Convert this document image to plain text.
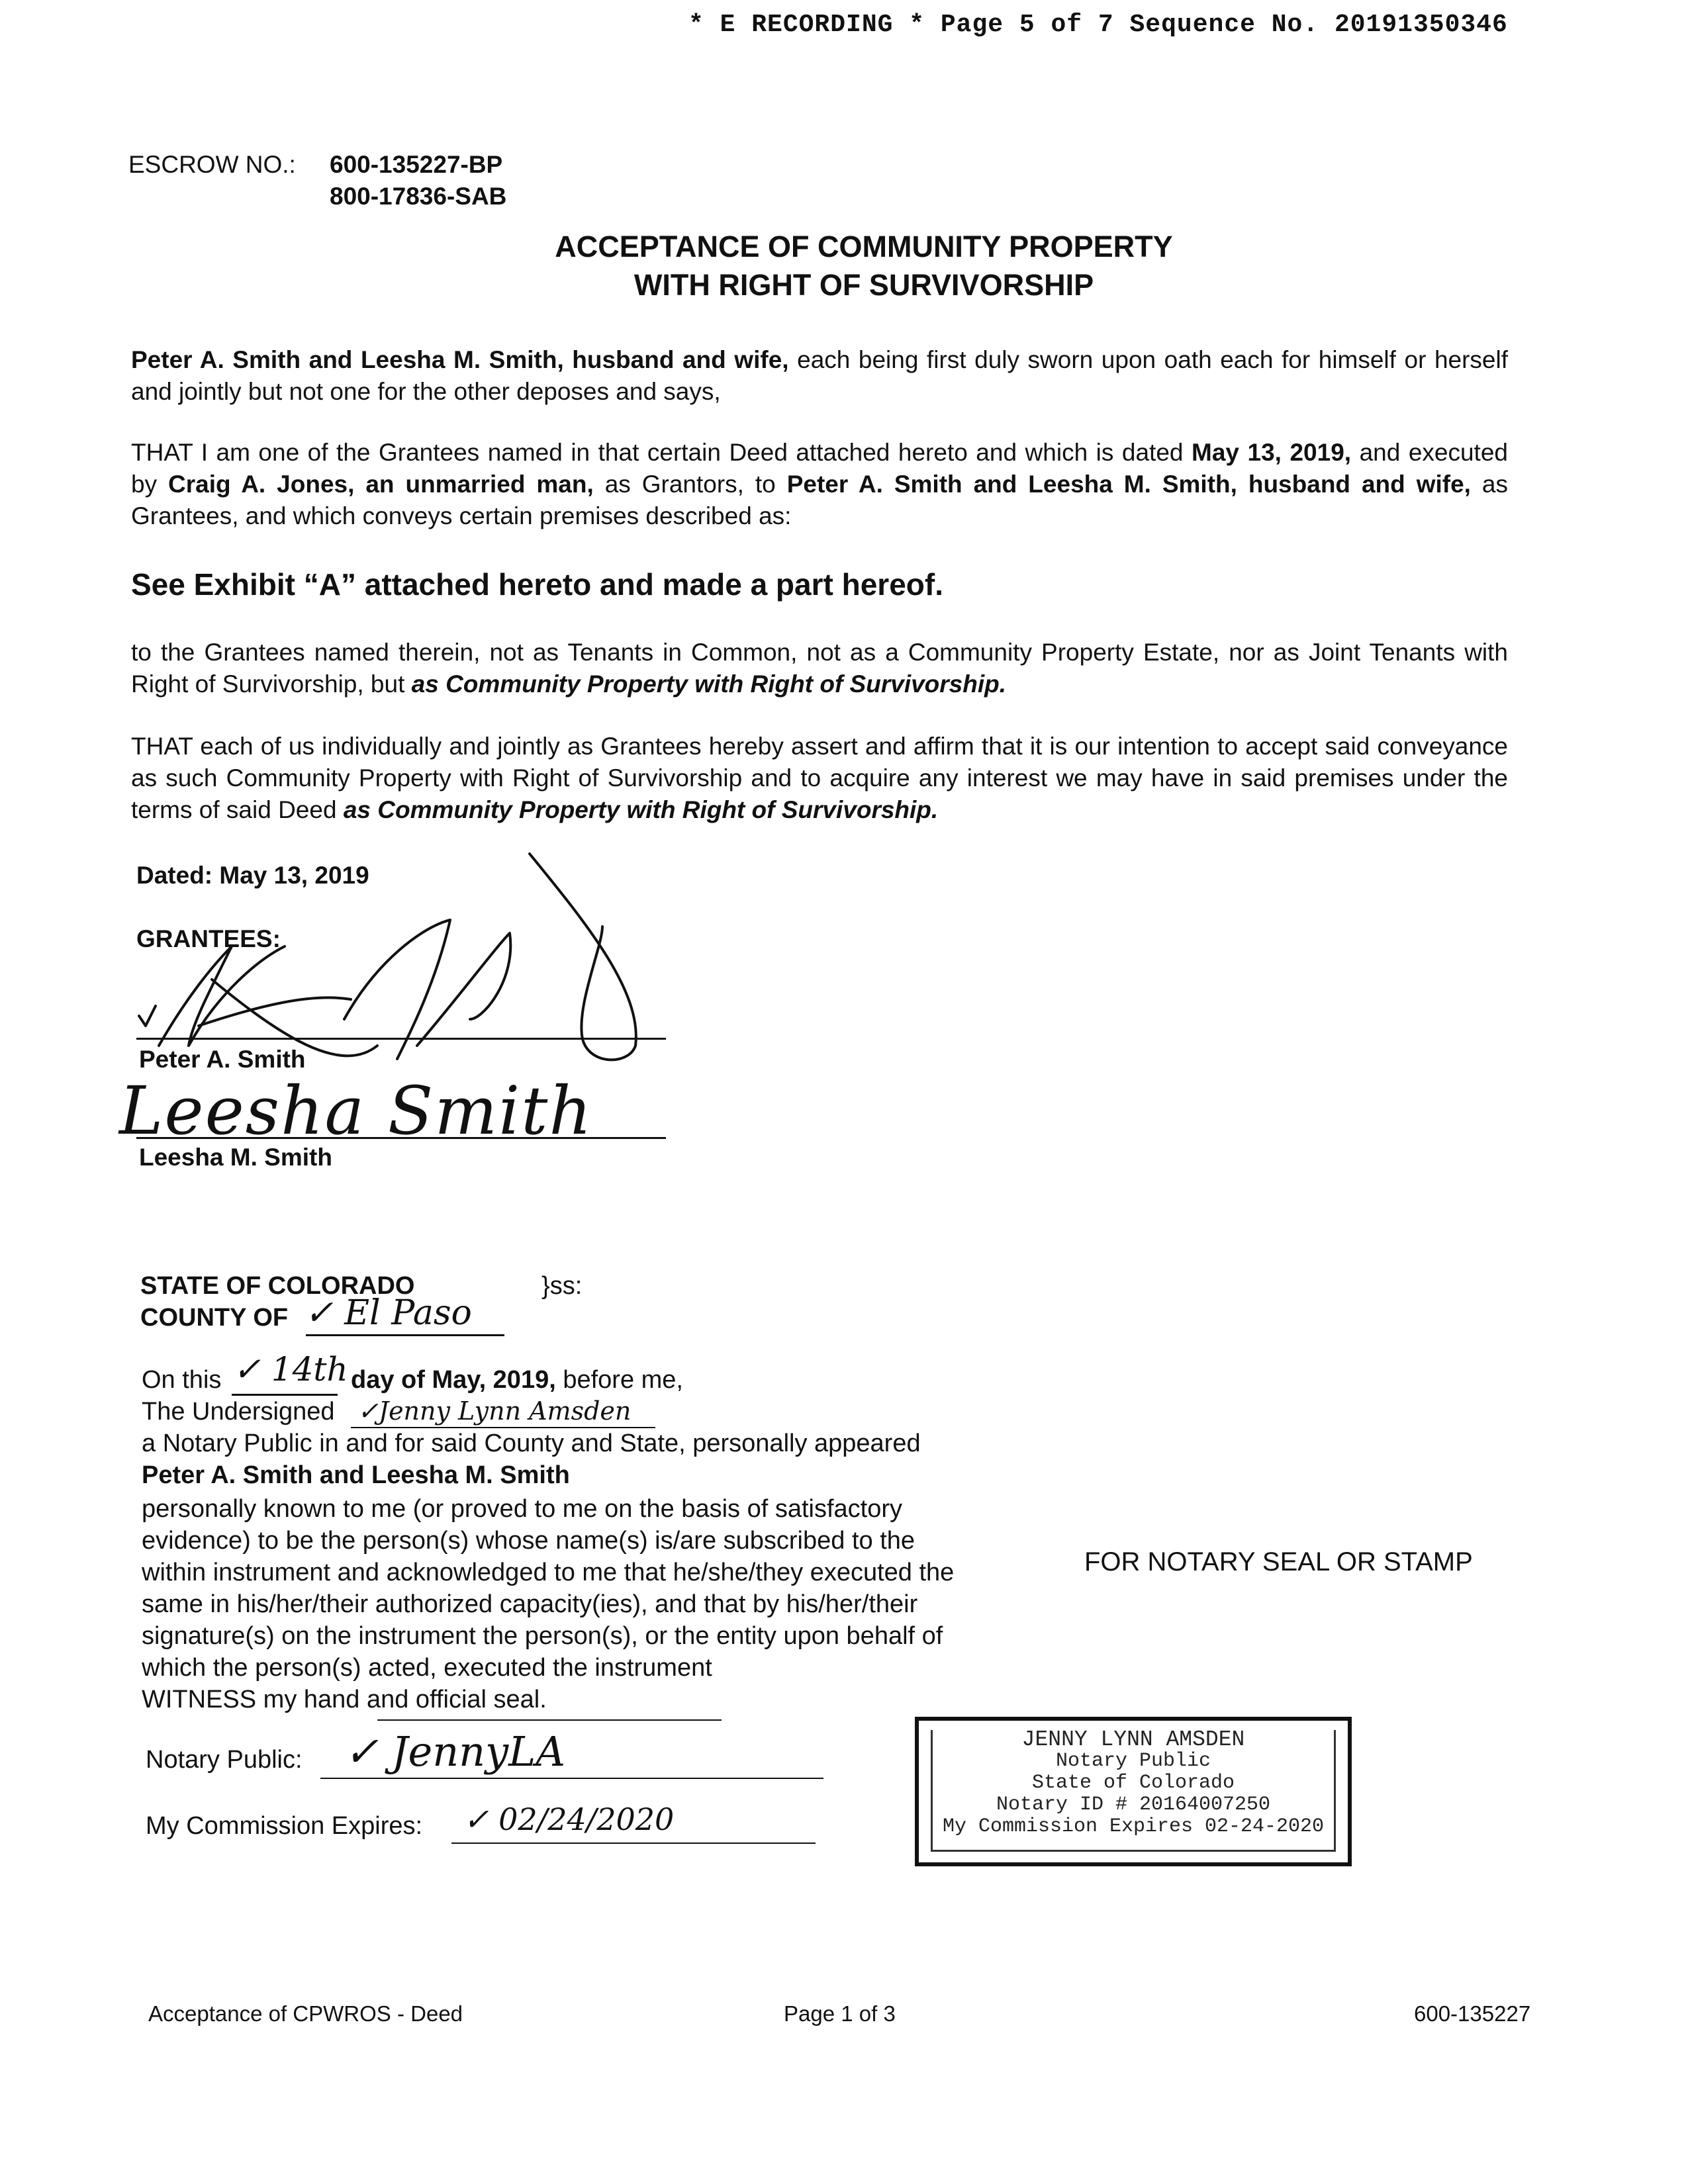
* E RECORDING * Page 5 of 7 Sequence No. 20191350346
ESCROW NO.: 600-135227-BP
800-17836-SAB
ACCEPTANCE OF COMMUNITY PROPERTY
WITH RIGHT OF SURVIVORSHIP
Peter A. Smith and Leesha M. Smith, husband and wife, each being first duly sworn upon oath each for himself or herself and jointly but not one for the other deposes and says,
THAT I am one of the Grantees named in that certain Deed attached hereto and which is dated May 13, 2019, and executed by Craig A. Jones, an unmarried man, as Grantors, to Peter A. Smith and Leesha M. Smith, husband and wife, as Grantees, and which conveys certain premises described as:
See Exhibit “A” attached hereto and made a part hereof.
to the Grantees named therein, not as Tenants in Common, not as a Community Property Estate, nor as Joint Tenants with Right of Survivorship, but as Community Property with Right of Survivorship.
THAT each of us individually and jointly as Grantees hereby assert and affirm that it is our intention to accept said conveyance as such Community Property with Right of Survivorship and to acquire any interest we may have in said premises under the terms of said Deed as Community Property with Right of Survivorship.
Dated: May 13, 2019
GRANTEES:
Peter A. Smith
Leesha Smith
Leesha M. Smith
STATE OF COLORADO	}ss:
COUNTY OF ✓ El Paso
On this ✓ 14th day of May, 2019, before me,
The Undersigned ✓Jenny Lynn Amsden
a Notary Public in and for said County and State, personally appeared
Peter A. Smith and Leesha M. Smith
personally known to me (or proved to me on the basis of satisfactory
evidence) to be the person(s) whose name(s) is/are subscribed to the
within instrument and acknowledged to me that he/she/they executed the
same in his/her/their authorized capacity(ies), and that by his/her/their
signature(s) on the instrument the person(s), or the entity upon behalf of
which the person(s) acted, executed the instrument
WITNESS my hand and official seal.
FOR NOTARY SEAL OR STAMP
Notary Public: ✓ JennyLA
My Commission Expires: ✓ 02/24/2020
JENNY LYNN AMSDEN
Notary Public
State of Colorado
Notary ID # 20164007250
My Commission Expires 02-24-2020
Acceptance of CPWROS - Deed	Page 1 of 3	600-135227
